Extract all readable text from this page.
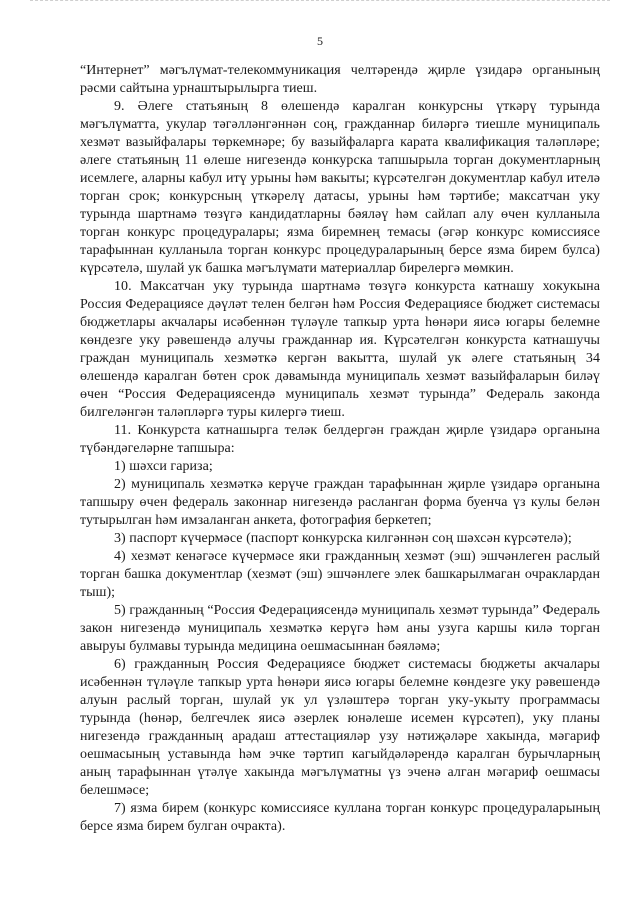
5

“Интернет” мәгълүмат-телекоммуникация челтәрендә җирле үзидарә органының рәсми сайтына урнаштырылырга тиеш.

9. Әлеге статьяның 8 өлешендә каралган конкурсны үткәрү турында мәгълүматта, укулар тәгәлләнгәннән соң, гражданнар биләргә тиешле муниципаль хезмәт вазыйфалары төркемнәре; бу вазыйфаларга карата квалификация таләпләре; әлеге статьяның 11 өлеше нигезендә конкурска тапшырыла торган документларның исемлеге, аларны кабул итү урыны һәм вакыты; күрсәтелгән документлар кабул ителә торган срок; конкурсның үткәрелү датасы, урыны һәм тәртибе; максатчан уку турында шартнамә төзүгә кандидатларны бәяләү һәм сайлап алу өчен кулланыла торган конкурс процедуралары; язма биремнең темасы (әгәр конкурс комиссиясе тарафыннан кулланыла торган конкурс процедураларының берсе язма бирем булса) күрсәтелә, шулай ук башка мәгълүмати материаллар бирелергә мөмкин.

10. Максатчан уку турында шартнамә төзүгә конкурста катнашу хокукына Россия Федерациясе дәүләт телен белгән һәм Россия Федерациясе бюджет системасы бюджетлары акчалары исәбеннән түләүле тапкыр урта һөнәри яисә югары белемне көндезге уку рәвешендә алучы гражданнар ия. Күрсәтелгән конкурста катнашучы граждан муниципаль хезмәткә кергән вакытта, шулай ук әлеге статьяның 34 өлешендә каралган бөтен срок дәвамында муниципаль хезмәт вазыйфаларын биләү өчен “Россия Федерациясендә муниципаль хезмәт турында” Федераль законда билгеләнгән таләпләргә туры килергә тиеш.

11. Конкурста катнашырга теләк белдергән граждан җирле үзидарә органына түбәндәгеләрне тапшыра:

1) шәхси гариза;

2) муниципаль хезмәткә керүче граждан тарафыннан җирле үзидарә органына тапшыру өчен федераль законнар нигезендә расланган форма буенча үз кулы белән тутырылган һәм имзаланган анкета, фотография беркетеп;

3) паспорт күчермәсе (паспорт конкурска килгәннән соң шәхсән күрсәтелә);

4) хезмәт кенәгәсе күчермәсе яки гражданның хезмәт (эш) эшчәнлеген раслый торган башка документлар (хезмәт (эш) эшчәнлеге элек башкарылмаган очраклардан тыш);

5) гражданның “Россия Федерациясендә муниципаль хезмәт турында” Федераль закон нигезендә муниципаль хезмәткә керүгә һәм аны узуга каршы килә торган авыруы булмавы турында медицина оешмасыннан бәяләмә;

6) гражданның Россия Федерациясе бюджет системасы бюджеты акчалары исәбеннән түләүле тапкыр урта һөнәри яисә югары белемне көндезге уку рәвешендә алуын раслый торган, шулай ук ул үзләштерә торган уку-укыту программасы турында (һөнәр, белгечлек яисә әзерлек юнәлеше исемен күрсәтеп), уку планы нигезендә гражданның арадаш аттестацияләр узу нәтиҗәләре хакында, мәгариф оешмасының уставында һәм эчке тәртип кагыйдәләрендә каралган бурычларның аның тарафыннан үтәлүе хакында мәгълүматны үз эченә алган мәгариф оешмасы белешмәсе;

7) язма бирем (конкурс комиссиясе куллана торган конкурс процедураларының берсе язма бирем булган очракта).
